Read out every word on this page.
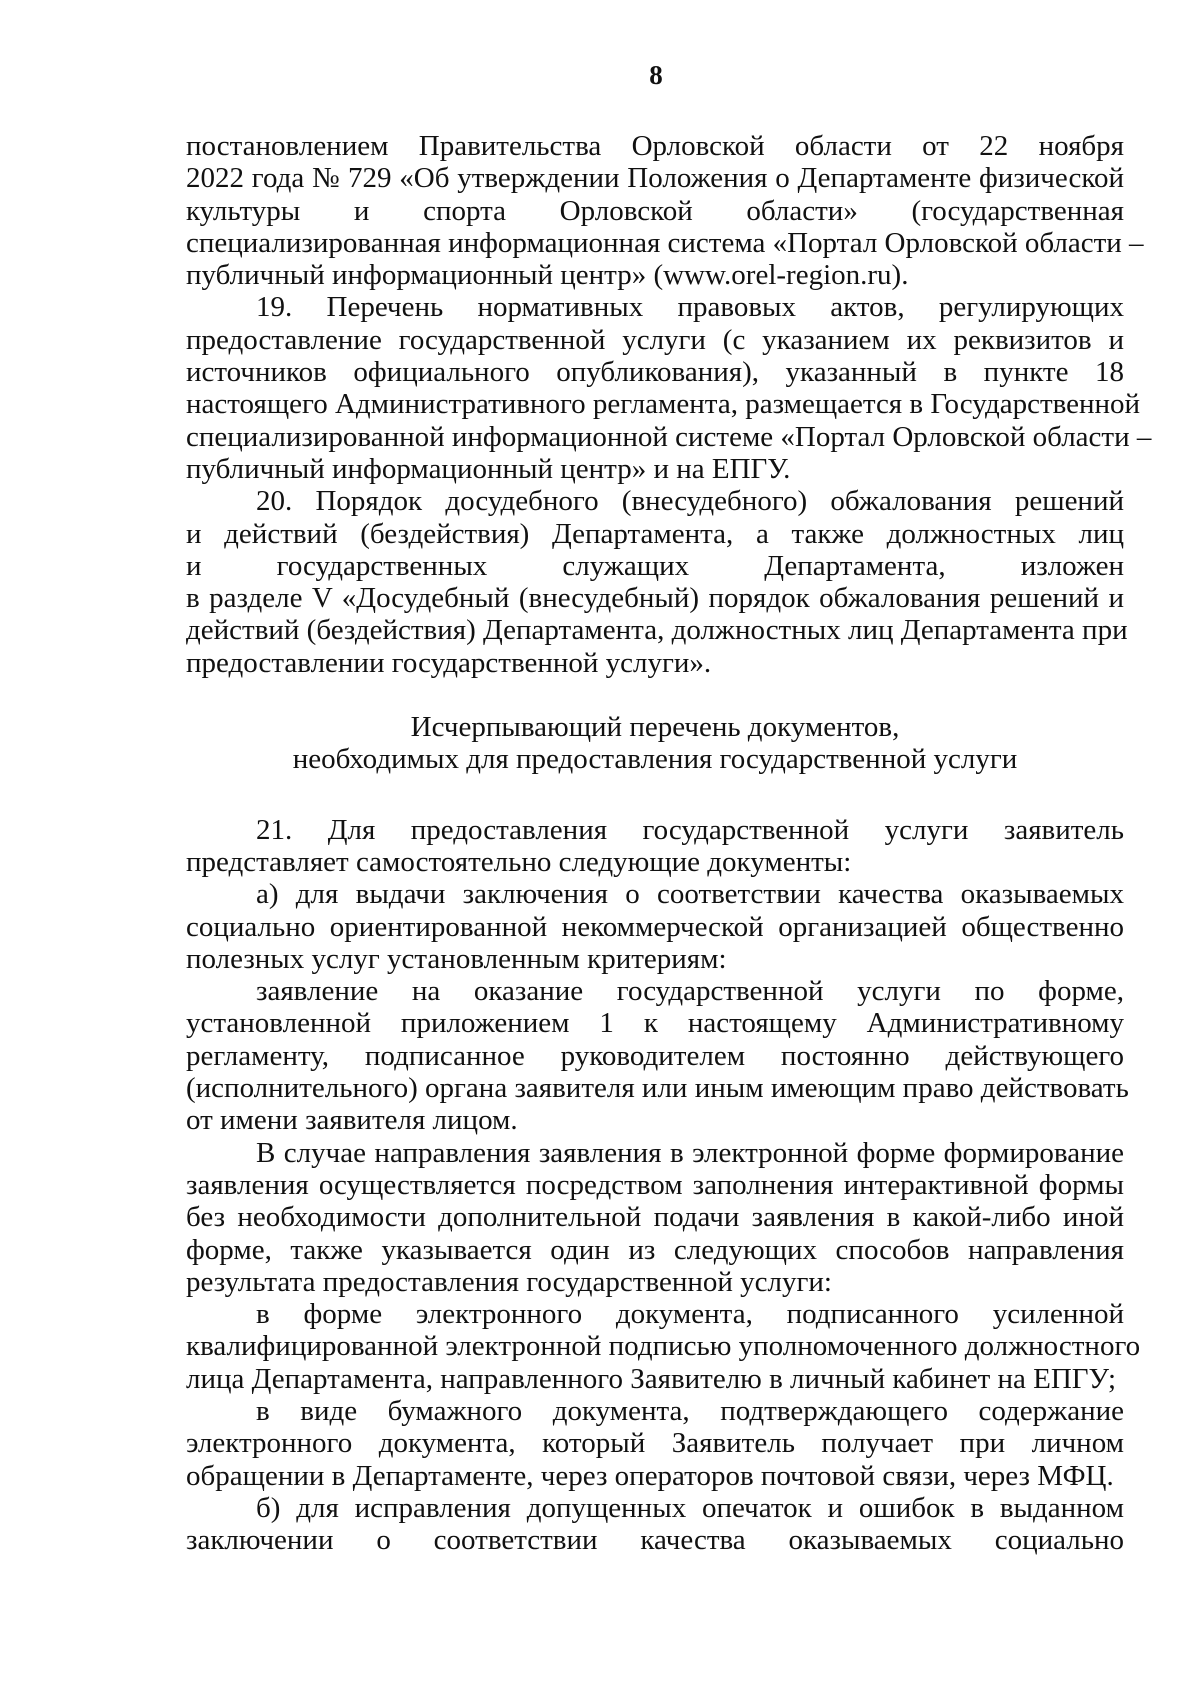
8
постановлением Правительства Орловской области от 22 ноября
2022 года № 729 «Об утверждении Положения о Департаменте физической
культуры и спорта Орловской области» (государственная
специализированная информационная система «Портал Орловской области –
публичный информационный центр» (www.orel-region.ru).
19. Перечень нормативных правовых актов, регулирующих
предоставление государственной услуги (с указанием их реквизитов и
источников официального опубликования), указанный в пункте 18
настоящего Административного регламента, размещается в Государственной
специализированной информационной системе «Портал Орловской области –
публичный информационный центр» и на ЕПГУ.
20. Порядок досудебного (внесудебного) обжалования решений
и действий (бездействия) Департамента, а также должностных лиц
и государственных служащих Департамента, изложен
в разделе V «Досудебный (внесудебный) порядок обжалования решений и
действий (бездействия) Департамента, должностных лиц Департамента при
предоставлении государственной услуги».
Исчерпывающий перечень документов,
необходимых для предоставления государственной услуги
21. Для предоставления государственной услуги заявитель
представляет самостоятельно следующие документы:
а) для выдачи заключения о соответствии качества оказываемых
социально ориентированной некоммерческой организацией общественно
полезных услуг установленным критериям:
заявление на оказание государственной услуги по форме,
установленной приложением 1 к настоящему Административному
регламенту, подписанное руководителем постоянно действующего
(исполнительного) органа заявителя или иным имеющим право действовать
от имени заявителя лицом.
В случае направления заявления в электронной форме формирование
заявления осуществляется посредством заполнения интерактивной формы
без необходимости дополнительной подачи заявления в какой-либо иной
форме, также указывается один из следующих способов направления
результата предоставления государственной услуги:
в форме электронного документа, подписанного усиленной
квалифицированной электронной подписью уполномоченного должностного
лица Департамента, направленного Заявителю в личный кабинет на ЕПГУ;
в виде бумажного документа, подтверждающего содержание
электронного документа, который Заявитель получает при личном
обращении в Департаменте, через операторов почтовой связи, через МФЦ.
б) для исправления допущенных опечаток и ошибок в выданном
заключении о соответствии качества оказываемых социально
